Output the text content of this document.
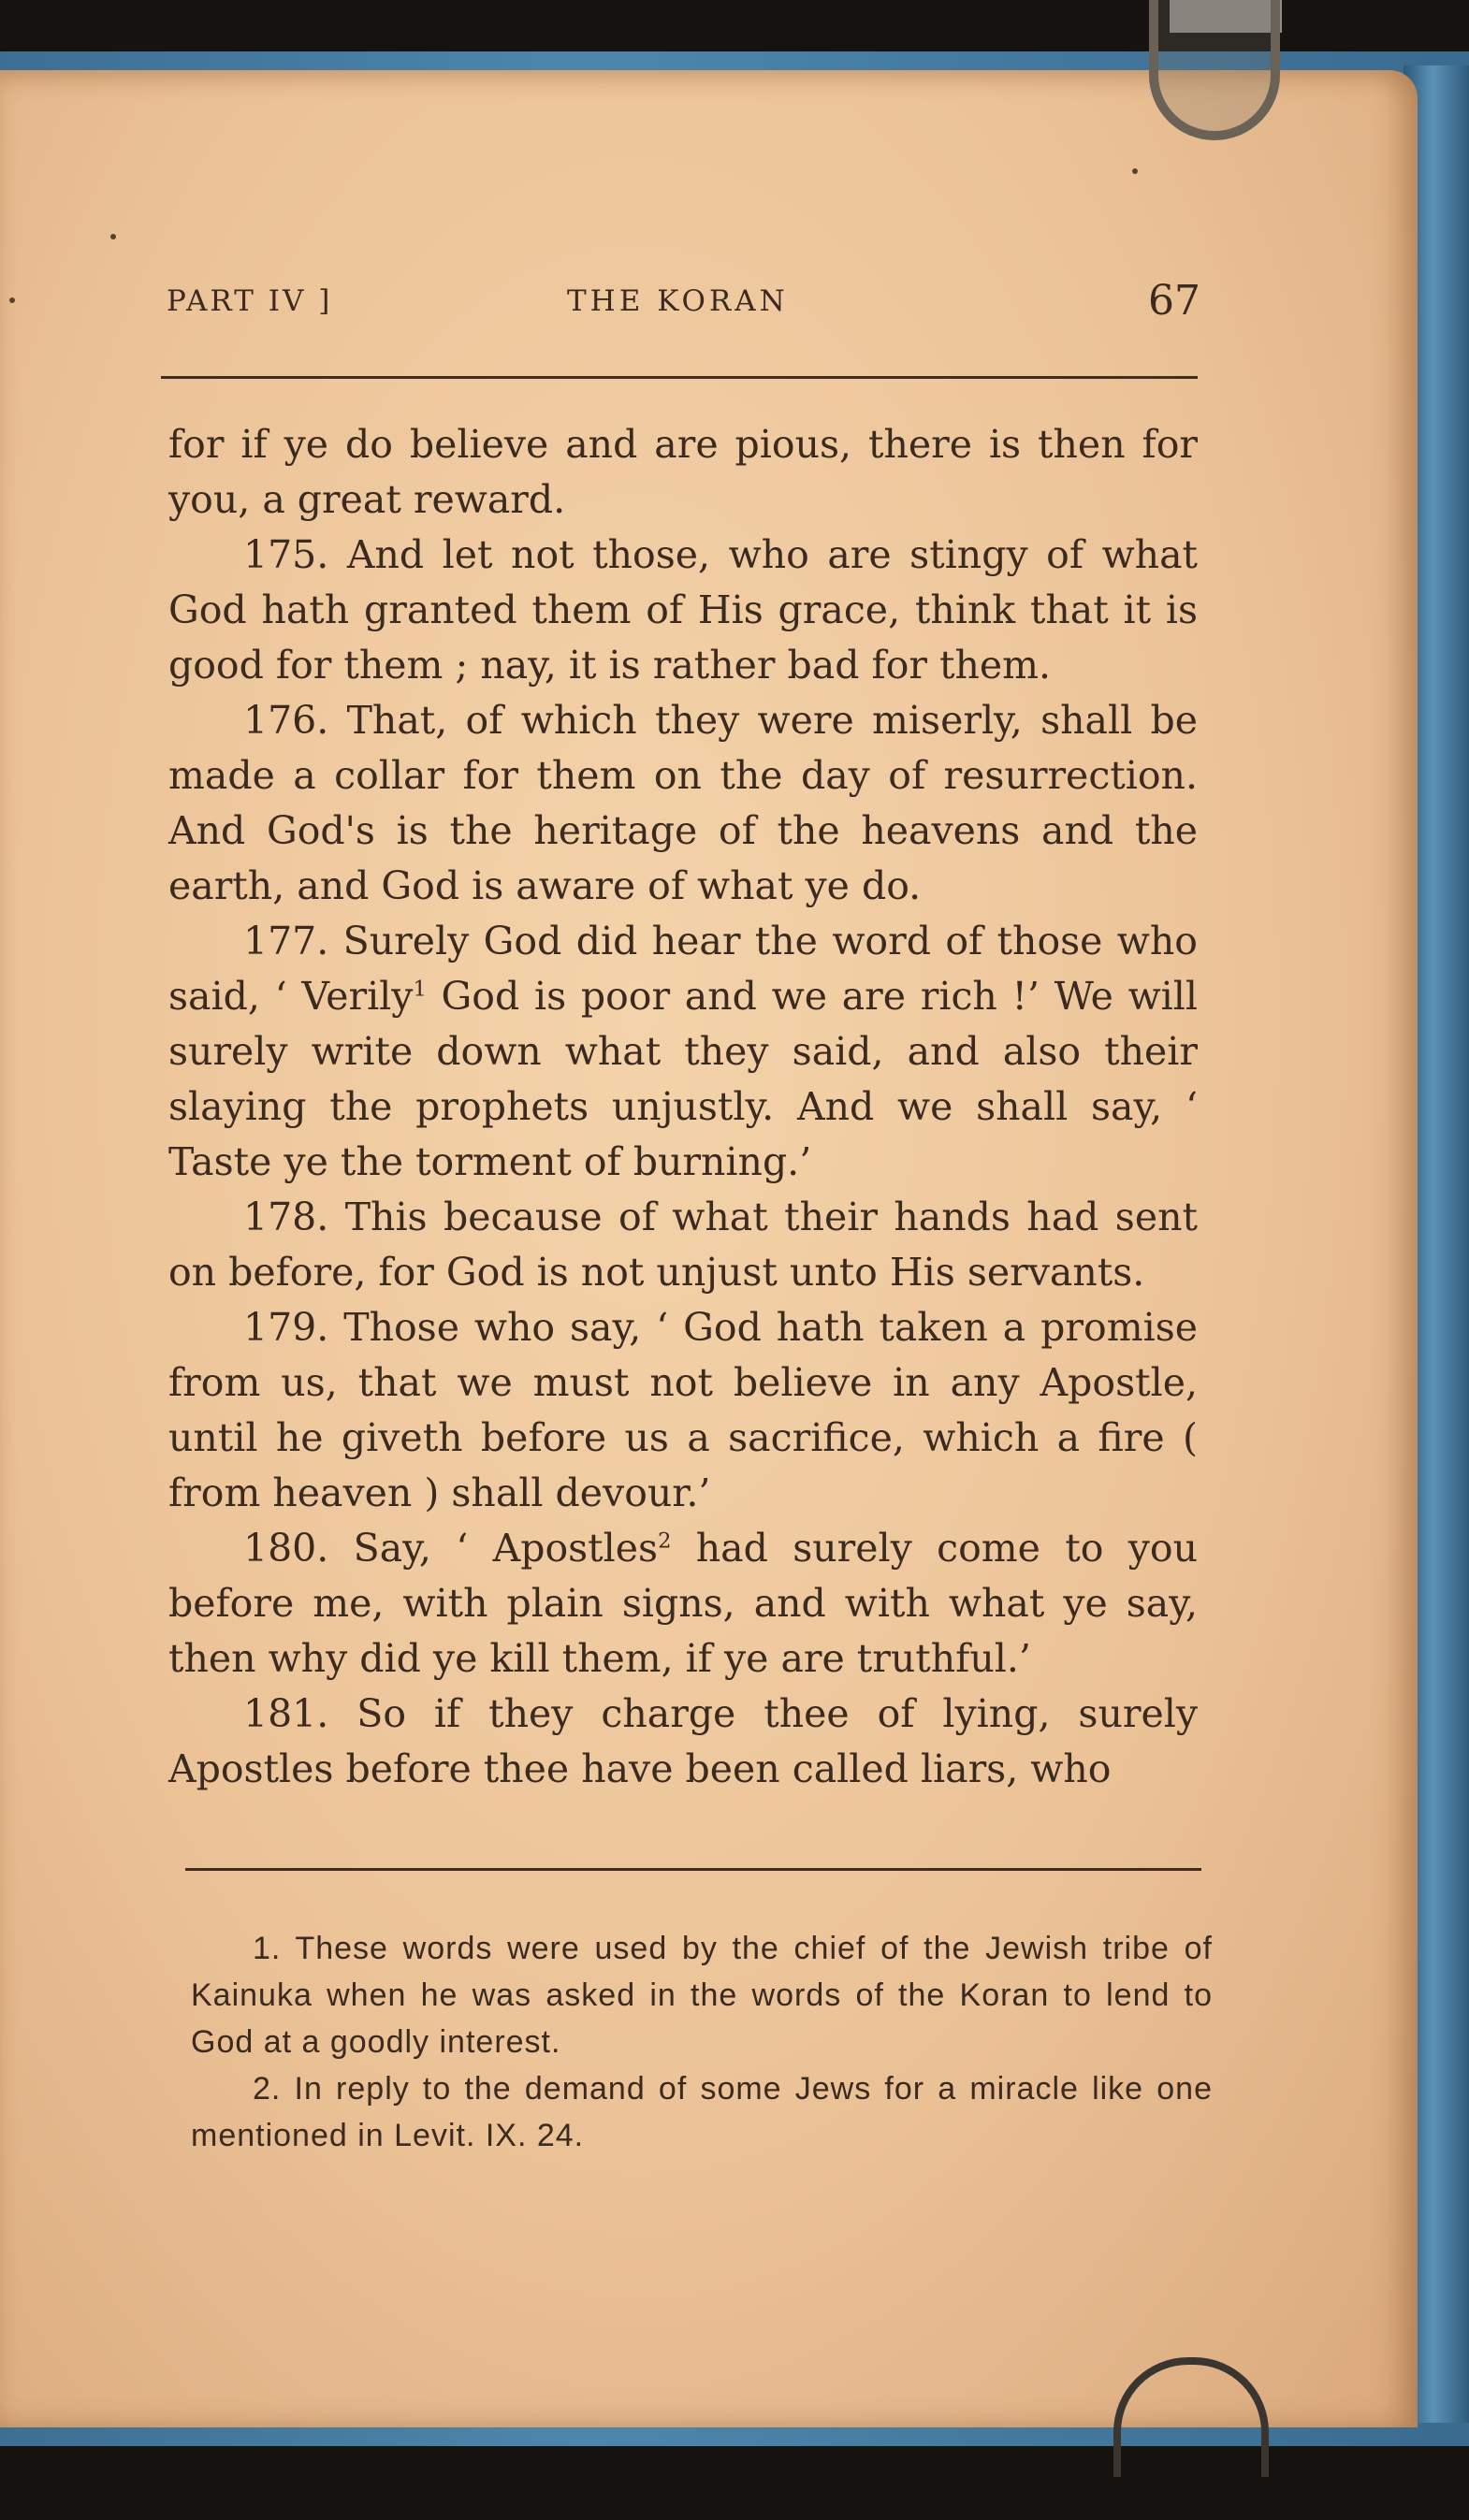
PART IV ]	THE KORAN	67

for if ye do believe and are pious, there is then for you, a great reward.

175. And let not those, who are stingy of what God hath granted them of His grace, think that it is good for them ; nay, it is rather bad for them.

176. That, of which they were miserly, shall be made a collar for them on the day of resurrection. And God's is the heritage of the heavens and the earth, and God is aware of what ye do.

177. Surely God did hear the word of those who said, ‘ Verily$^1$ God is poor and we are rich !’ We will surely write down what they said, and also their slaying the prophets unjustly. And we shall say, ‘ Taste ye the torment of burning.’

178. This because of what their hands had sent on before, for God is not unjust unto His servants.

179. Those who say, ‘ God hath taken a promise from us, that we must not believe in any Apostle, until he giveth before us a sacrifice, which a fire ( from heaven ) shall devour.’

180. Say, ‘ Apostles$^2$ had surely come to you before me, with plain signs, and with what ye say, then why did ye kill them, if ye are truthful.’

181. So if they charge thee of lying, surely Apostles before thee have been called liars, who

1. These words were used by the chief of the Jewish tribe of Kainuka when he was asked in the words of the Koran to lend to God at a goodly interest.

2. In reply to the demand of some Jews for a miracle like one mentioned in Levit. IX. 24.
